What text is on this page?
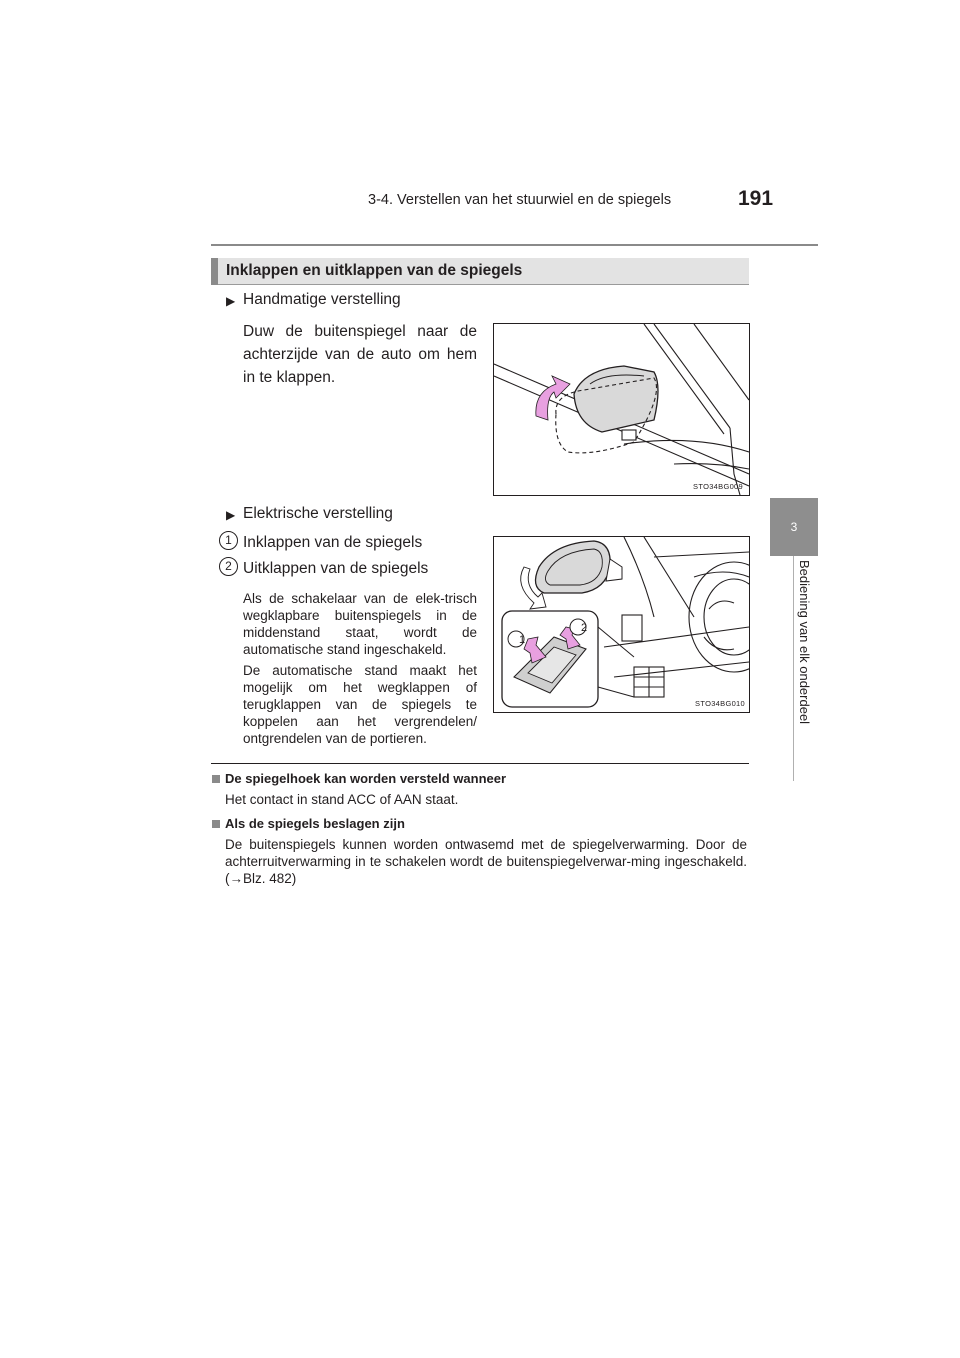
3-4. Verstellen van het stuurwiel en de spiegels	191
3
Bediening van elk onderdeel
Inklappen en uitklappen van de spiegels
▶ Handmatige verstelling
Duw de buitenspiegel naar de achterzijde van de auto om hem in te klappen.
STO34BG009
▶ Elektrische verstelling
1 Inklappen van de spiegels
2 Uitklappen van de spiegels
Als de schakelaar van de elek-trisch wegklapbare buitenspiegels in de middenstand staat, wordt de automatische stand ingeschakeld.
De automatische stand maakt het mogelijk om het wegklappen of terugklappen van de spiegels te koppelen aan het vergrendelen/ ontgrendelen van de portieren.
1
2
STO34BG010
De spiegelhoek kan worden versteld wanneer
Het contact in stand ACC of AAN staat.
Als de spiegels beslagen zijn
De buitenspiegels kunnen worden ontwasemd met de spiegelverwarming. Door de achterruitverwarming in te schakelen wordt de buitenspiegelverwar-ming ingeschakeld. (→Blz. 482)
